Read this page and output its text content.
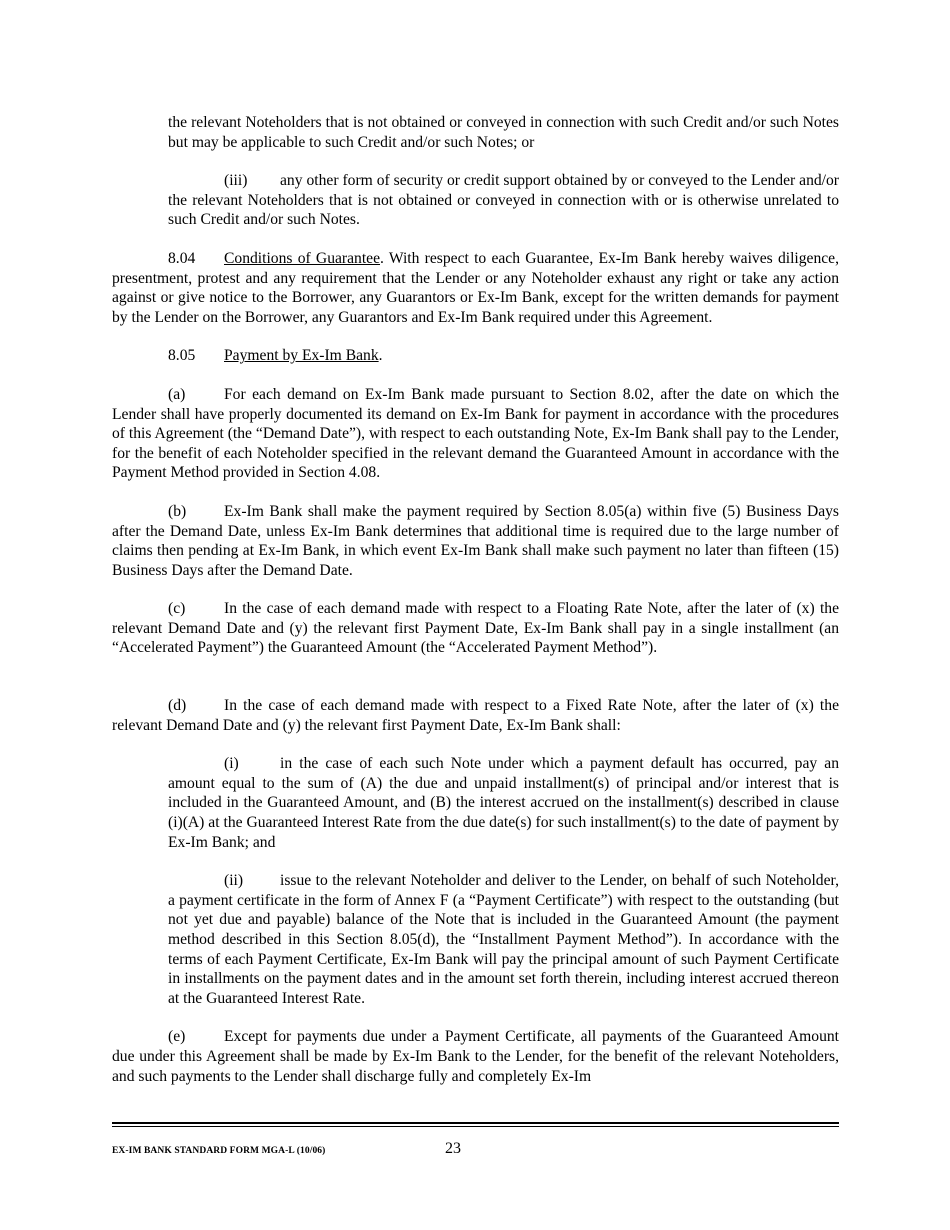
the relevant Noteholders that is not obtained or conveyed in connection with such Credit and/or such Notes but may be applicable to such Credit and/or such Notes; or

(iii) any other form of security or credit support obtained by or conveyed to the Lender and/or the relevant Noteholders that is not obtained or conveyed in connection with or is otherwise unrelated to such Credit and/or such Notes.

8.04 Conditions of Guarantee. With respect to each Guarantee, Ex-Im Bank hereby waives diligence, presentment, protest and any requirement that the Lender or any Noteholder exhaust any right or take any action against or give notice to the Borrower, any Guarantors or Ex-Im Bank, except for the written demands for payment by the Lender on the Borrower, any Guarantors and Ex-Im Bank required under this Agreement.

8.05 Payment by Ex-Im Bank.

(a) For each demand on Ex-Im Bank made pursuant to Section 8.02, after the date on which the Lender shall have properly documented its demand on Ex-Im Bank for payment in accordance with the procedures of this Agreement (the “Demand Date”), with respect to each outstanding Note, Ex-Im Bank shall pay to the Lender, for the benefit of each Noteholder specified in the relevant demand the Guaranteed Amount in accordance with the Payment Method provided in Section 4.08.

(b) Ex-Im Bank shall make the payment required by Section 8.05(a) within five (5) Business Days after the Demand Date, unless Ex-Im Bank determines that additional time is required due to the large number of claims then pending at Ex-Im Bank, in which event Ex-Im Bank shall make such payment no later than fifteen (15) Business Days after the Demand Date.

(c) In the case of each demand made with respect to a Floating Rate Note, after the later of (x) the relevant Demand Date and (y) the relevant first Payment Date, Ex-Im Bank shall pay in a single installment (an “Accelerated Payment”) the Guaranteed Amount (the “Accelerated Payment Method”).

(d) In the case of each demand made with respect to a Fixed Rate Note, after the later of (x) the relevant Demand Date and (y) the relevant first Payment Date, Ex-Im Bank shall:

(i)	in the case of each such Note under which a payment default has occurred, pay an amount equal to the sum of (A) the due and unpaid installment(s) of principal and/or interest that is included in the Guaranteed Amount, and (B) the interest accrued on the installment(s) described in clause (i)(A) at the Guaranteed Interest Rate from the due date(s) for such installment(s) to the date of payment by Ex-Im Bank; and

(ii) issue to the relevant Noteholder and deliver to the Lender, on behalf of such Noteholder, a payment certificate in the form of Annex F (a “Payment Certificate”) with respect to the outstanding (but not yet due and payable) balance of the Note that is included in the Guaranteed Amount (the payment method described in this Section 8.05(d), the “Installment Payment Method”). In accordance with the terms of each Payment Certificate, Ex-Im Bank will pay the principal amount of such Payment Certificate in installments on the payment dates and in the amount set forth therein, including interest accrued thereon at the Guaranteed Interest Rate.

(e) Except for payments due under a Payment Certificate, all payments of the Guaranteed Amount due under this Agreement shall be made by Ex-Im Bank to the Lender, for the benefit of the relevant Noteholders, and such payments to the Lender shall discharge fully and completely Ex-Im

EX-IM BANK STANDARD FORM MGA-L (10/06)	23
